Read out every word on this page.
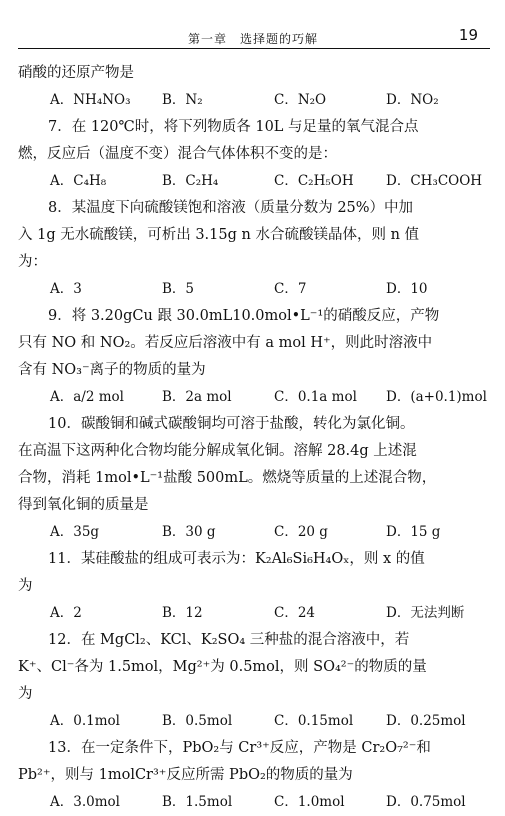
第一章　选择题的巧解	19
硝酸的还原产物是
A．NH₄NO₃	B．N₂	C．N₂O	D．NO₂
7．在 120℃时，将下列物质各 10L 与足量的氧气混合点
燃，反应后（温度不变）混合气体体积不变的是：
A．C₄H₈	B．C₂H₄	C．C₂H₅OH	D．CH₃COOH
8．某温度下向硫酸镁饱和溶液（质量分数为 25%）中加
入 1g 无水硫酸镁，可析出 3.15g n 水合硫酸镁晶体，则 n 值
为：
A．3	B．5	C．7	D．10
9．将 3.20gCu 跟 30.0mL10.0mol•L⁻¹的硝酸反应，产物
只有 NO 和 NO₂。若反应后溶液中有 a mol H⁺，则此时溶液中
含有 NO₃⁻离子的物质的量为
A．a/2 mol	B．2a mol	C．0.1a mol	D．(a+0.1)mol
10．碳酸铜和碱式碳酸铜均可溶于盐酸，转化为氯化铜。
在高温下这两种化合物均能分解成氧化铜。溶解 28.4g 上述混
合物，消耗 1mol•L⁻¹盐酸 500mL。燃烧等质量的上述混合物，
得到氧化铜的质量是
A．35g	B．30 g	C．20 g	D．15 g
11．某硅酸盐的组成可表示为：K₂Al₆Si₆H₄Oₓ，则 x 的值
为
A．2	B．12	C．24	D．无法判断
12．在 MgCl₂、KCl、K₂SO₄ 三种盐的混合溶液中，若
K⁺、Cl⁻各为 1.5mol，Mg²⁺为 0.5mol，则 SO₄²⁻的物质的量
为
A．0.1mol	B．0.5mol	C．0.15mol	D．0.25mol
13．在一定条件下，PbO₂与 Cr³⁺反应，产物是 Cr₂O₇²⁻和
Pb²⁺，则与 1molCr³⁺反应所需 PbO₂的物质的量为
A．3.0mol	B．1.5mol	C．1.0mol	D．0.75mol
